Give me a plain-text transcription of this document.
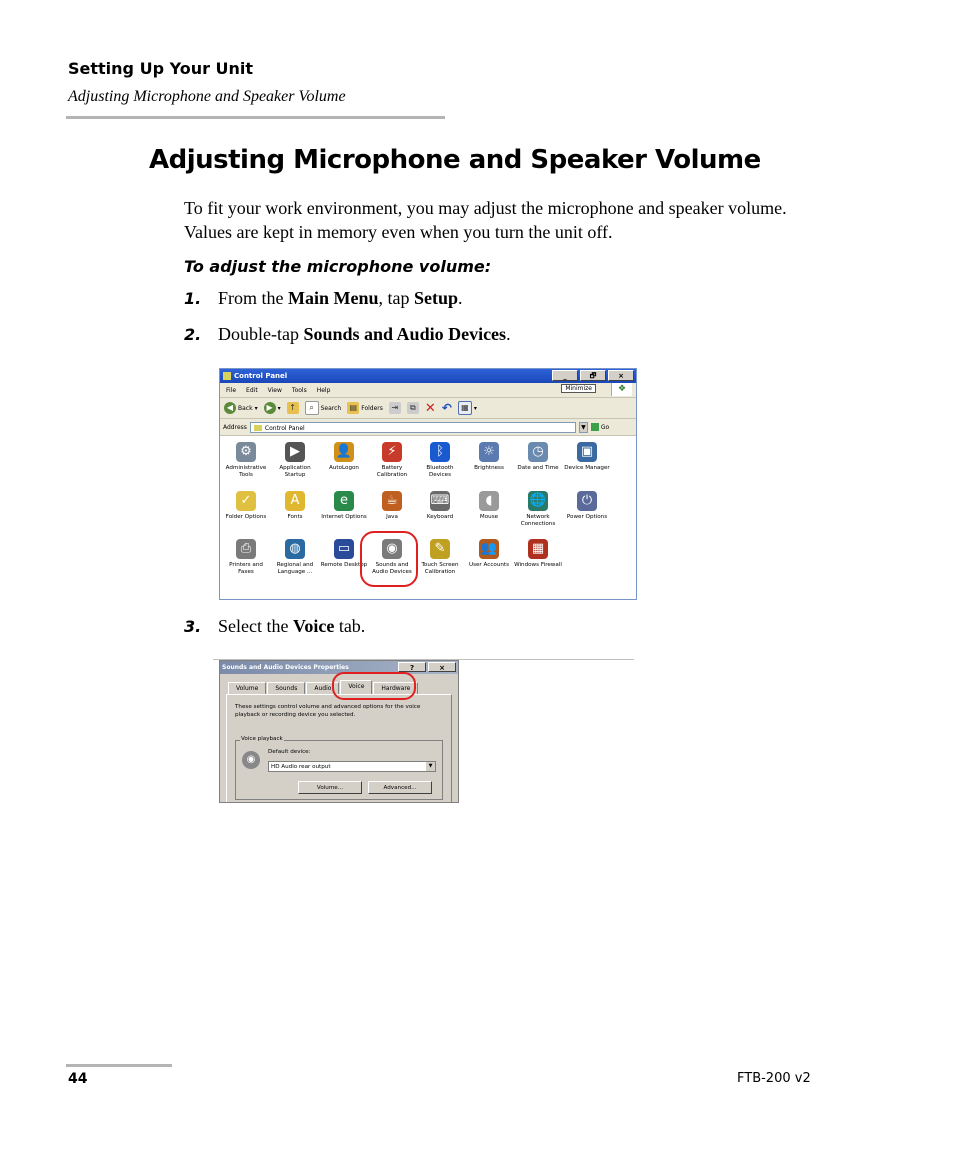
Setting Up Your Unit
Adjusting Microphone and Speaker Volume
Adjusting Microphone and Speaker Volume
To fit your work environment, you may adjust the microphone and speaker volume. Values are kept in memory even when you turn the unit off.
To adjust the microphone volume:
1. From the Main Menu, tap Setup.
2. Double-tap Sounds and Audio Devices.
Control Panel	_	🗗	×
File Edit View Tools Help	Minimize	❖
◀ Back ▾	▶ ▾	↑	⌕	Search ▤ Folders	⇥	⧉ ✕ ↶	▦ ▾
Address	Control Panel	▼	Go
⚙
Administrative Tools
▶
Application Startup
👤
AutoLogon
⚡
Battery Calibration
ᛒ
Bluetooth Devices
☼
Brightness
◷
Date and Time
▣
Device Manager
✓
Folder Options
A
Fonts
e
Internet Options
☕
Java
⌨
Keyboard
◖
Mouse
🌐
Network Connections
⏻
Power Options
⎙
Printers and Faxes
◍
Regional and Language ...
▭
Remote Desktop
◉
Sounds and Audio Devices
✎
Touch Screen Calibration
👥
User Accounts
▦
Windows Firewall
3. Select the Voice tab.
Sounds and Audio Devices Properties	?	×
Volume	Sounds	Audio	Voice	Hardware
These settings control volume and advanced options for the voice playback or recording device you selected.
Voice playback
◉
Default device:
HD Audio rear output	▼
Volume...	Advanced...
44	FTB-200 v2
